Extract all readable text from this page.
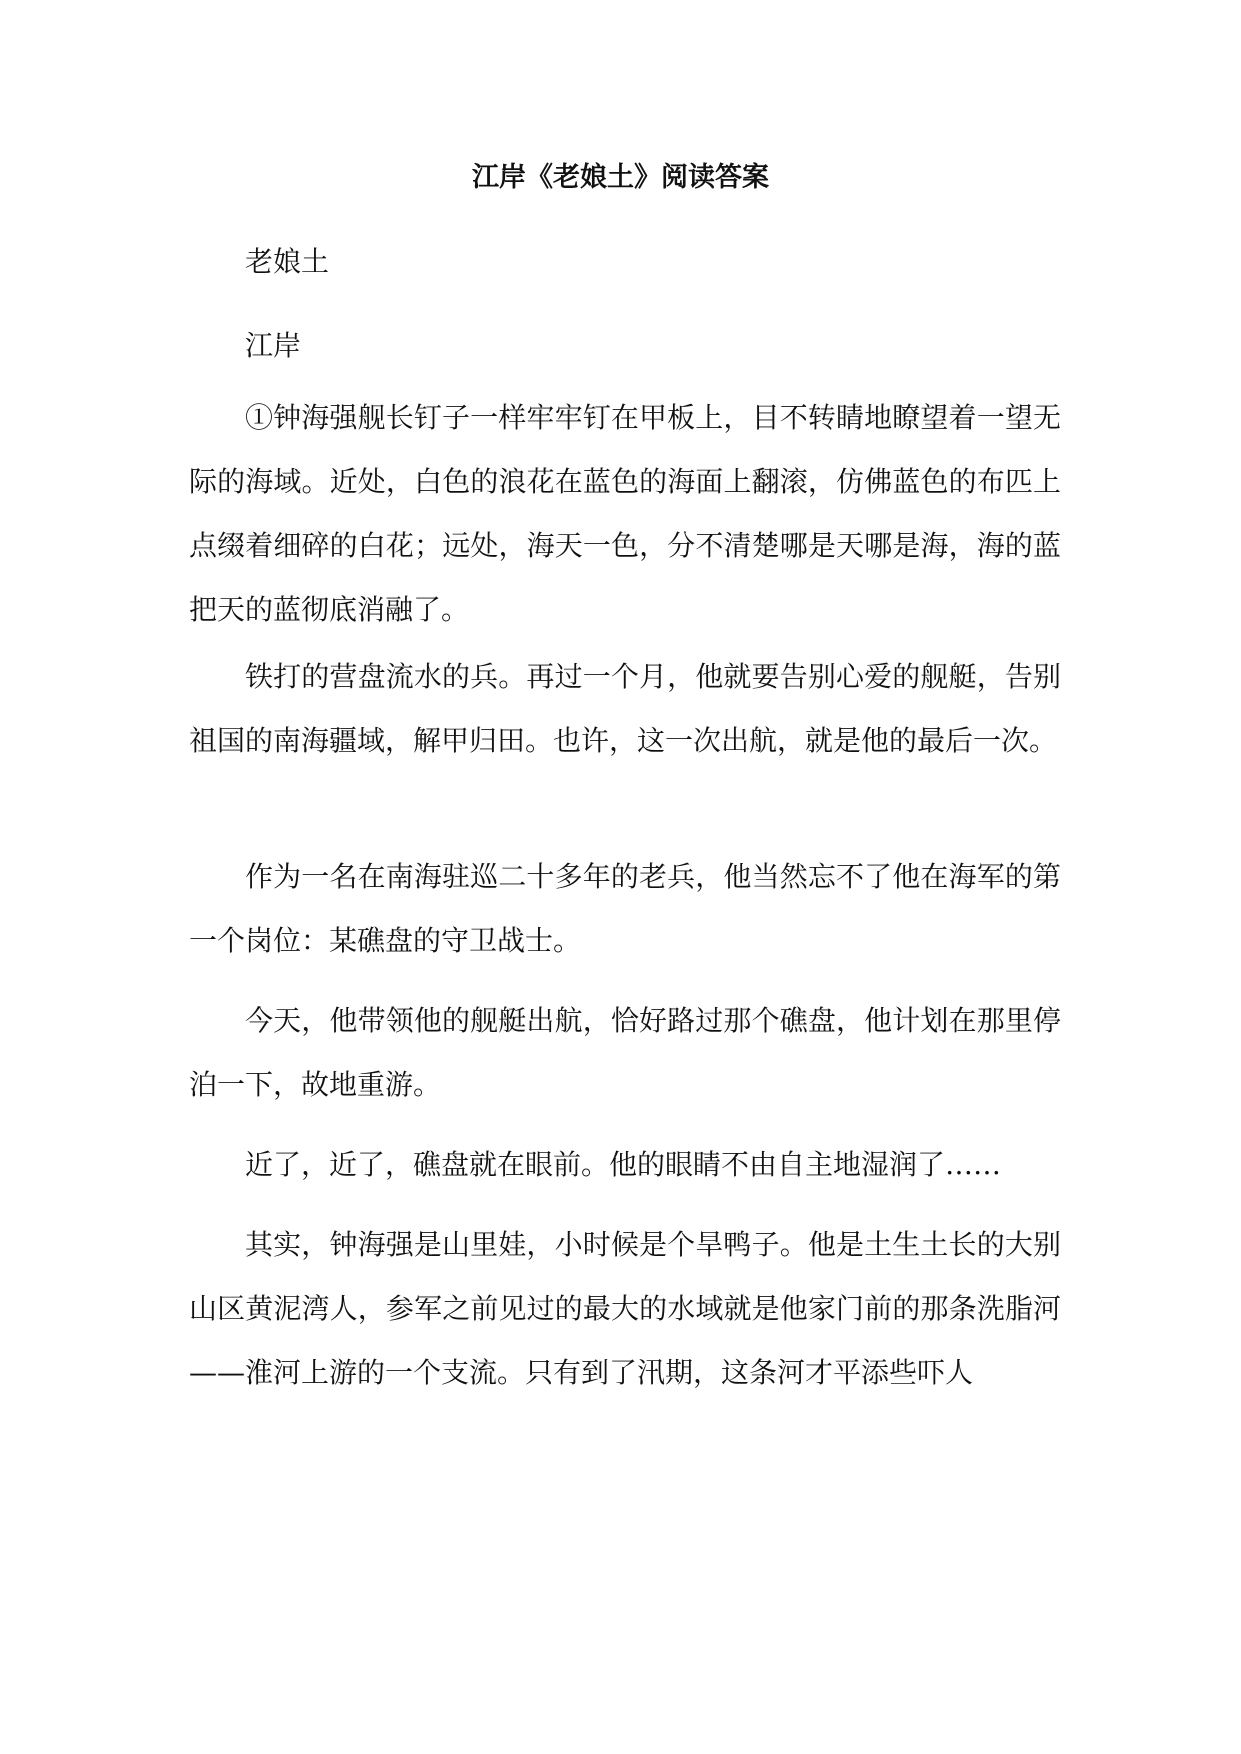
江岸《老娘土》阅读答案

老娘土

江岸

①钟海强舰长钉子一样牢牢钉在甲板上，目不转睛地瞭望着一望无际的海域。近处，白色的浪花在蓝色的海面上翻滚，仿佛蓝色的布匹上点缀着细碎的白花；远处，海天一色，分不清楚哪是天哪是海，海的蓝把天的蓝彻底消融了。

铁打的营盘流水的兵。再过一个月，他就要告别心爱的舰艇，告别祖国的南海疆域，解甲归田。也许，这一次出航，就是他的最后一次。

作为一名在南海驻巡二十多年的老兵，他当然忘不了他在海军的第一个岗位：某礁盘的守卫战士。

今天，他带领他的舰艇出航，恰好路过那个礁盘，他计划在那里停泊一下，故地重游。

近了，近了，礁盘就在眼前。他的眼睛不由自主地湿润了……

其实，钟海强是山里娃，小时候是个旱鸭子。他是土生土长的大别山区黄泥湾人，参军之前见过的最大的水域就是他家门前的那条洗脂河——淮河上游的一个支流。只有到了汛期，这条河才平添些吓人
